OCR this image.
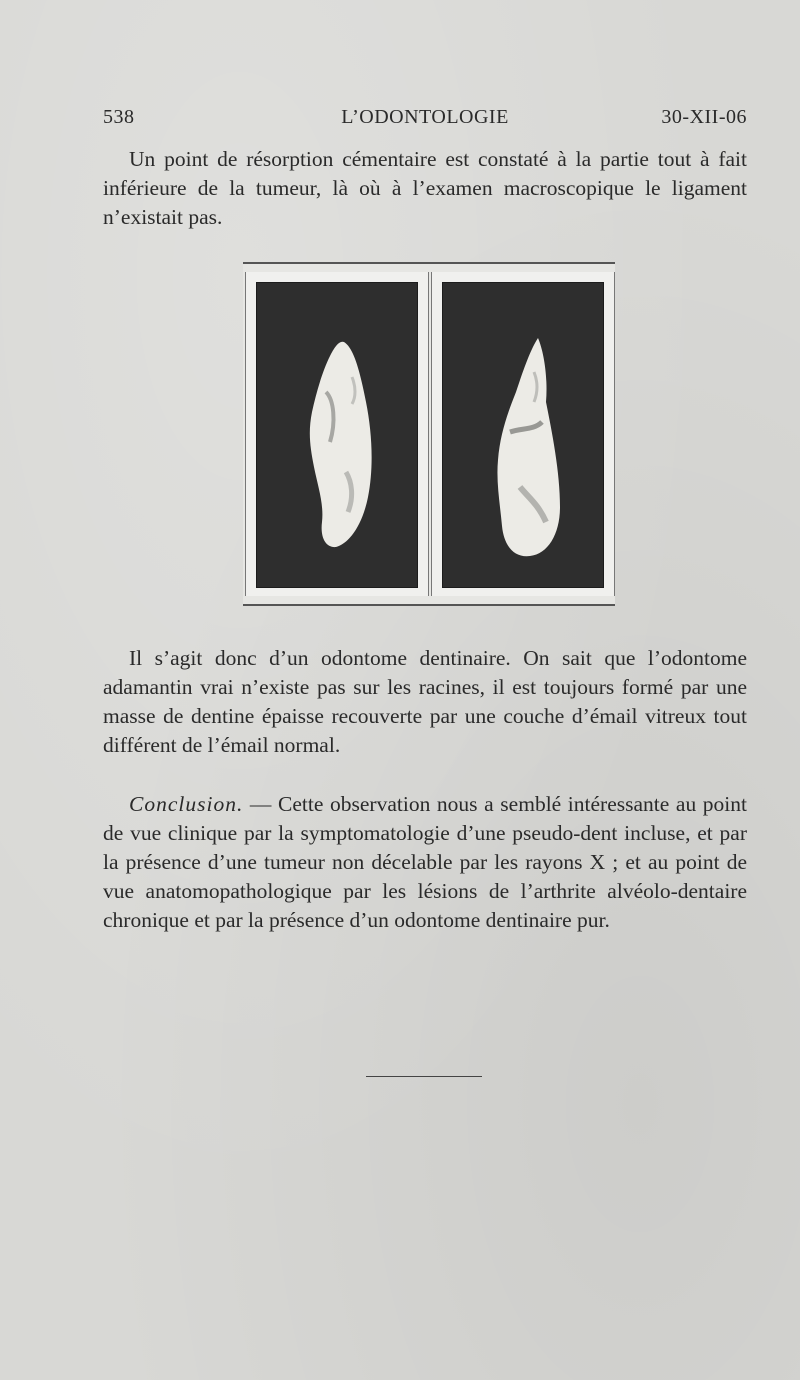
538	L’ODONTOLOGIE	30-XII-06

Un point de résorption cémentaire est constaté à la partie tout à fait inférieure de la tumeur, là où à l’examen macroscopique le ligament n’existait pas.

Il s’agit donc d’un odontome dentinaire. On sait que l’odontome adamantin vrai n’existe pas sur les racines, il est toujours formé par une masse de dentine épaisse recouverte par une couche d’émail vitreux tout différent de l’émail normal.

Conclusion. — Cette observation nous a semblé intéressante au point de vue clinique par la symptomatologie d’une pseudo-dent incluse, et par la présence d’une tumeur non décelable par les rayons X ; et au point de vue anatomopathologique par les lésions de l’arthrite alvéolo-dentaire chronique et par la présence d’un odontome dentinaire pur.
